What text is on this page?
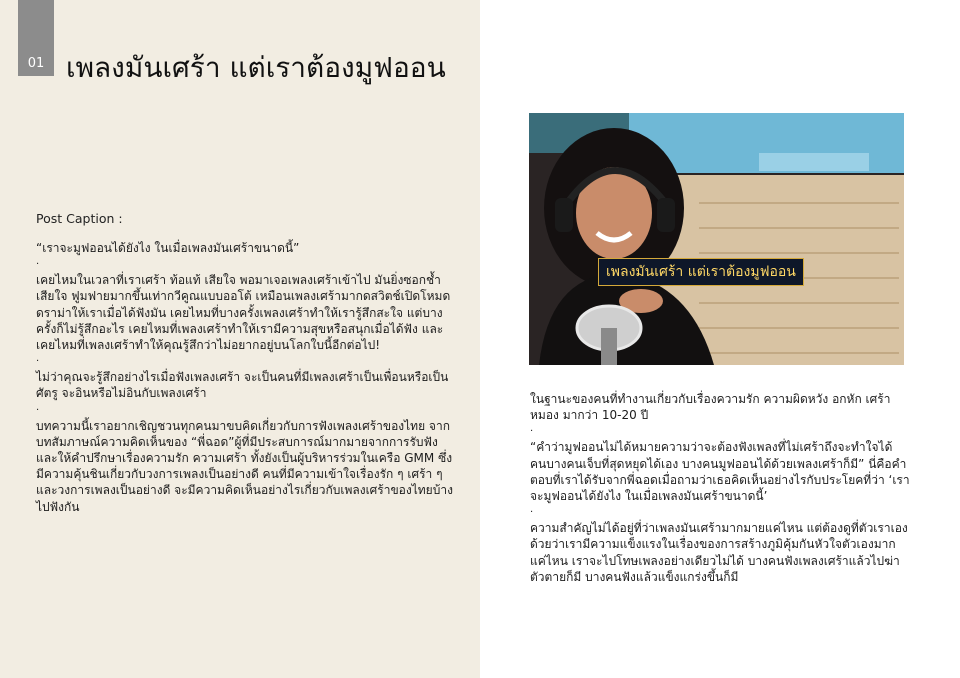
01 เพลงมันเศร้า แต่เราต้องมูฟออน
Post Caption :

“เราจะมูฟออนได้ยังไง ในเมื่อเพลงมันเศร้าขนาดนี้”

.

เคยไหมในเวลาที่เราเศร้า ท้อแท้ เสียใจ พอมาเจอเพลงเศร้าเข้าไป มันยิ่งซอกช้ำเสียใจ ฟูมฟายมากขึ้นเท่ากวีคูณแบบออโต้ เหมือนเพลงเศร้ามากดสวิตช์เปิดโหมดดราม่าให้เราเมื่อได้ฟังมัน เคยไหมที่บางครั้งเพลงเศร้าทำให้เรารู้สึกสะใจ แต่บางครั้งก็ไม่รู้สึกอะไร เคยไหมที่เพลงเศร้าทำให้เรามีความสุขหรือสนุกเมื่อได้ฟัง และเคยไหมที่เพลงเศร้าทำให้คุณรู้สึกว่าไม่อยากอยู่บนโลกใบนี้อีกต่อไป!

.

ไม่ว่าคุณจะรู้สึกอย่างไรเมื่อฟังเพลงเศร้า จะเป็นคนที่มีเพลงเศร้าเป็นเพื่อนหรือเป็นศัตรู จะอินหรือไม่อินกับเพลงเศร้า

.

บทความนี้เราอยากเชิญชวนทุกคนมาขบคิดเกี่ยวกับการฟังเพลงเศร้าของไทย จากบทสัมภาษณ์ความคิดเห็นของ “พี่ฉอด”ผู้ที่มีประสบการณ์มากมายจากการรับฟังและให้คำปรึกษาเรื่องความรัก ความเศร้า ทั้งยังเป็นผู้บริหารร่วมในเครือ GMM ซึ่งมีความคุ้นชินเกี่ยวกับวงการเพลงเป็นอย่างดี คนที่มีความเข้าใจเรื่องรัก ๆ เศร้า ๆ และวงการเพลงเป็นอย่างดี จะมีความคิดเห็นอย่างไรเกี่ยวกับเพลงเศร้าของไทยบ้างไปฟังกัน

เพลงมันเศร้า แต่เราต้องมูฟออน

ในฐานะของคนที่ทำงานเกี่ยวกับเรื่องความรัก ความผิดหวัง อกหัก เศร้าหมอง มากว่า 10-20 ปี

.

“คำว่ามูฟออนไม่ได้หมายความว่าจะต้องฟังเพลงที่ไม่เศร้าถึงจะทำใจได้ คนบางคนเจ็บที่สุดหยุดได้เอง บางคนมูฟออนได้ด้วยเพลงเศร้าก็มี” นี่คือคำตอบที่เราได้รับจากพี่ฉอดเมื่อถามว่าเธอคิดเห็นอย่างไรกับประโยคที่ว่า ‘เราจะมูฟออนได้ยังไง ในเมื่อเพลงมันเศร้าขนาดนี้’

.

ความสำคัญไม่ได้อยู่ที่ว่าเพลงมันเศร้ามากมายแค่ไหน แต่ต้องดูที่ตัวเราเองด้วยว่าเรามีความแข็งแรงในเรื่องของการสร้างภูมิคุ้มกันหัวใจตัวเองมากแค่ไหน เราจะไปโทษเพลงอย่างเดียวไม่ได้ บางคนฟังเพลงเศร้าแล้วไปฆ่าตัวตายก็มี บางคนฟังแล้วแข็งแกร่งขึ้นก็มี
